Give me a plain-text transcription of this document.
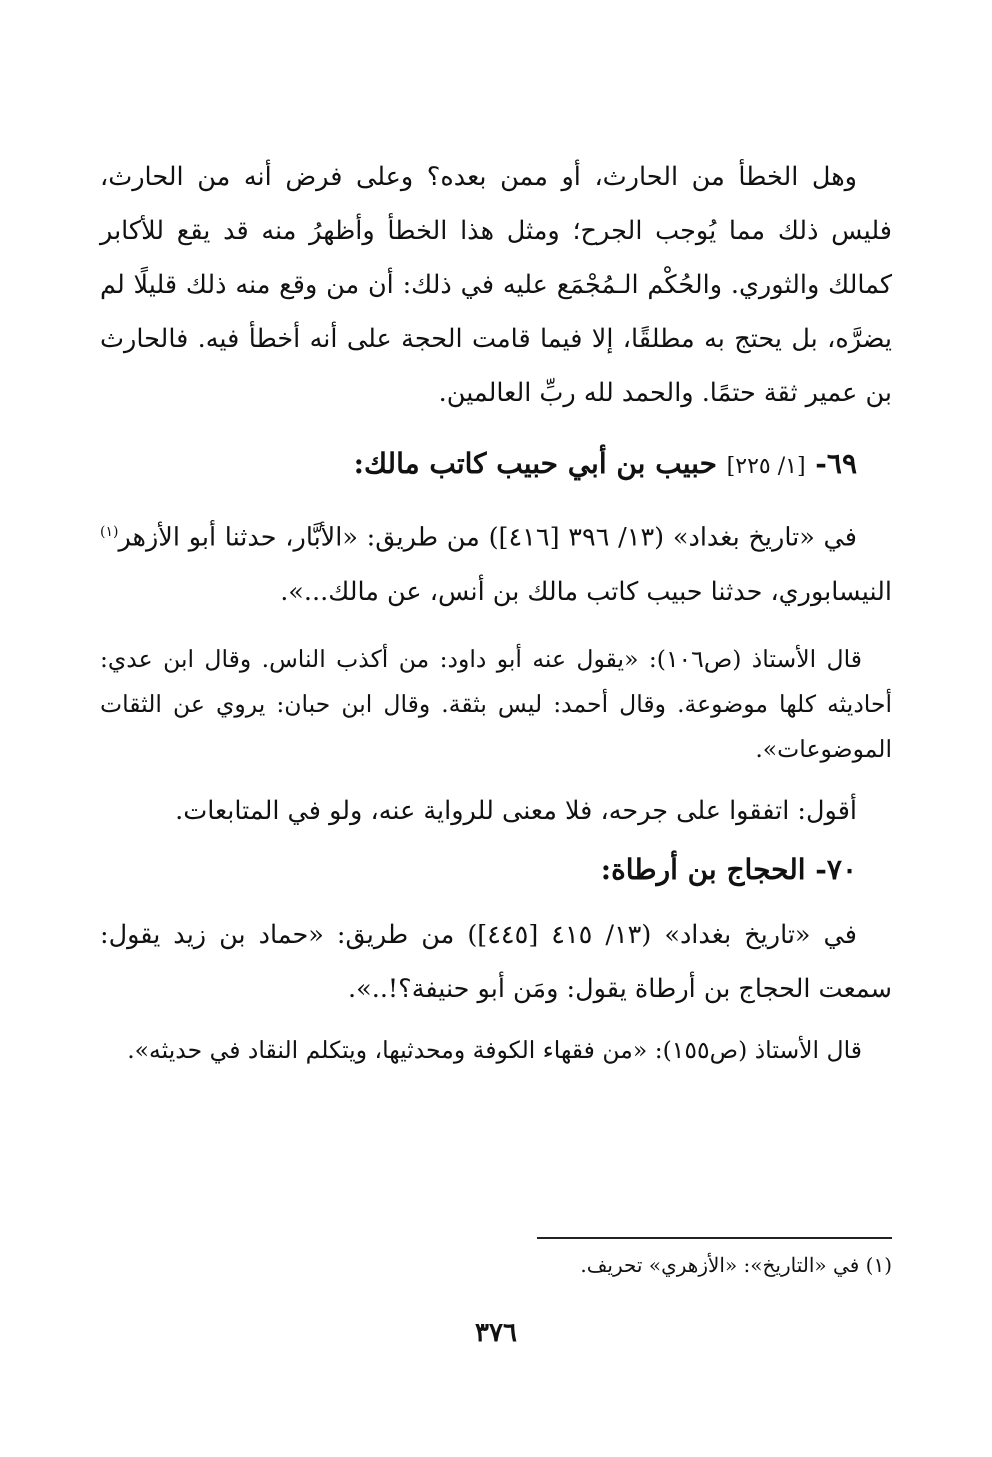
وهل الخطأ من الحارث، أو ممن بعده؟ وعلى فرض أنه من الحارث، فليس ذلك مما يُوجب الجرح؛ ومثل هذا الخطأ وأظهرُ منه قد يقع للأكابر كمالك والثوري. والحُكْم الـمُجْمَع عليه في ذلك: أن من وقع منه ذلك قليلًا لم يضرَّه، بل يحتج به مطلقًا، إلا فيما قامت الحجة على أنه أخطأ فيه. فالحارث بن عمير ثقة حتمًا. والحمد لله ربِّ العالمين.

٦٩- [١/ ٢٢٥] حبيب بن أبي حبيب كاتب مالك:

في «تاريخ بغداد» (١٣/ ٣٩٦ [٤١٦]) من طريق: «الأبَّار، حدثنا أبو الأزهر$^{(١)}$ النيسابوري، حدثنا حبيب كاتب مالك بن أنس، عن مالك...».

قال الأستاذ (ص١٠٦): «يقول عنه أبو داود: من أكذب الناس. وقال ابن عدي: أحاديثه كلها موضوعة. وقال أحمد: ليس بثقة. وقال ابن حبان: يروي عن الثقات الموضوعات».

أقول: اتفقوا على جرحه، فلا معنى للرواية عنه، ولو في المتابعات.

٧٠- الحجاج بن أرطاة:

في «تاريخ بغداد» (١٣/ ٤١٥ [٤٤٥]) من طريق: «حماد بن زيد يقول: سمعت الحجاج بن أرطاة يقول: ومَن أبو حنيفة؟!..».

قال الأستاذ (ص١٥٥): «من فقهاء الكوفة ومحدثيها، ويتكلم النقاد في حديثه».

(١) في «التاريخ»: «الأزهري» تحريف.
٣٧٦
